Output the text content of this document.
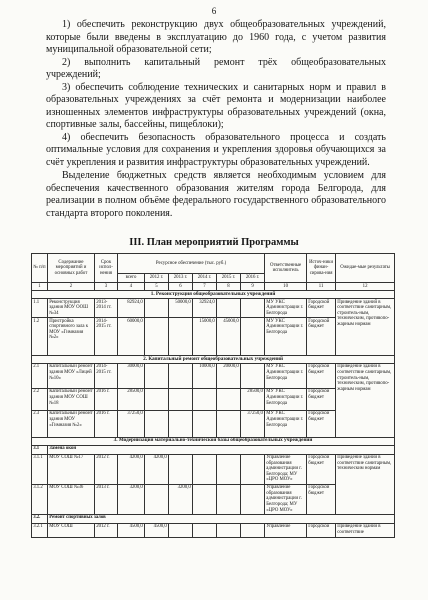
6

1) обеспечить реконструкцию двух общеобразовательных учреждений, которые были введены в эксплуатацию до 1960 года, с учетом развития муниципальной образовательной сети;

2) выполнить капитальный ремонт трёх общеобразовательных учреждений;

3) обеспечить соблюдение технических и санитарных норм и правил в образовательных учреждениях за счёт ремонта и модернизации наиболее изношенных элементов инфраструктуры образовательных учреждений (окна, спортивные залы, бассейны, пищеблоки);

4) обеспечить безопасность образовательного процесса и создать оптимальные условия для сохранения и укрепления здоровья обучающихся за счёт укрепления и развития инфраструктуры образовательных учреждений.

Выделение бюджетных средств является необходимым условием для обеспечения качественного образования жителям города Белгорода, для реализации в полном объёме федерального государственного образовательного стандарта второго поколения.

III. План мероприятий Программы
№ п/п	Содержание мероприятий и основных работ	Срок испол-нения	Ресурсное обеспечение (тыс. руб.)						Ответственные исполнитель	Источ-ники финан-сирова-ния	Ожидае-мые результаты
			всего	2012 г.	2013 г.	2014 г.	2015 г.	2016 г.			
1	2	3	4	5	6	7	8	9	10	11	12
1. Реконструкция общеобразовательных учреждений											
1.1	Реконструкция здания МОУ ООШ №34	2013-2014 гг.	82924,0		50000,0	32924,0			МУ УКС Администрации г. Белгорода	Городской бюджет	Приведение зданий в соответствие санитарным, строитель-ным, техническим, противопо-жарным нормам
1.2	Пристройка спортивного зала к МОУ «Гимназия №2»	2014-2015 гг.	60000,0			15000,0	45000,0		МУ УКС Администрации г. Белгорода	Городской бюджет	
2. Капитальный ремонт общеобразовательных учреждений											
2.1	Капитальный ремонт здания МОУ «Лицей №10»	2014-2015 гг.	30000,0			10000,0	20000,0		МУ УКС Администрации г. Белгорода	Городской бюджет	Приведение зданий в соответствие санитарным, строитель-ным, техническим, противопо-жарным нормам
2.2	Капитальный ремонт здания МОУ СОШ №18	2016 г.	28500,0					28500,0	МУ УКС Администрации г. Белгорода	Городской бюджет	
2.3	Капитальный ремонт здания МОУ «Гимназия №2»	2016 г.	37250,0					37250,0	МУ УКС Администрации г. Белгорода	Городской бюджет	
3. Модернизация материально-технической базы общеобразовательных учреждений											
3.1	Замена окон										
3.1.1	МОУ СОШ №17	2012 г.	4200,0	4200,0					Управление образования администрации г. Белгорода; МУ «ЦРО МОУ»	Городской бюджет	Приведение зданий в соответствие санитарным, техническим нормам
3.1.2	МОУ СОШ №36	2013 г.	3200,0		3200,0				Управление образования администрации г. Белгорода; МУ «ЦРО МОУ»	Городской бюджет	
3.2.	Ремонт спортивных залов										
3.2.1	МОУ СОШ	2012 г.	4500,0	4500,0					Управление	Городской	Приведение зданий в соответствие
